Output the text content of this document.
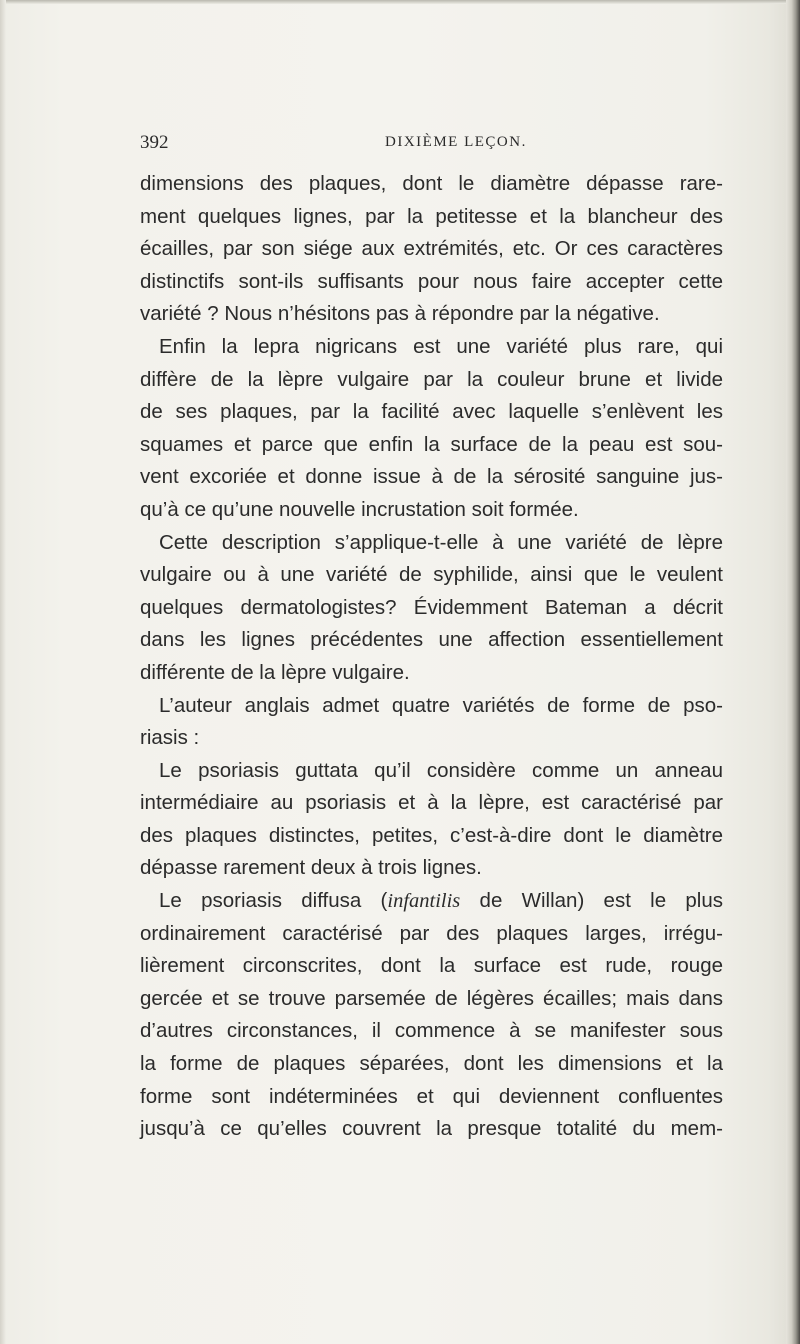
392	DIXIÈME LEÇON.
dimensions des plaques, dont le diamètre dépasse rare-
ment quelques lignes, par la petitesse et la blancheur des
écailles, par son siége aux extrémités, etc. Or ces caractères
distinctifs sont-ils suffisants pour nous faire accepter cette
variété ? Nous n’hésitons pas à répondre par la négative.
Enfin la lepra nigricans est une variété plus rare, qui
diffère de la lèpre vulgaire par la couleur brune et livide
de ses plaques, par la facilité avec laquelle s’enlèvent les
squames et parce que enfin la surface de la peau est sou-
vent excoriée et donne issue à de la sérosité sanguine jus-
qu’à ce qu’une nouvelle incrustation soit formée.
Cette description s’applique-t-elle à une variété de lèpre
vulgaire ou à une variété de syphilide, ainsi que le veulent
quelques dermatologistes? Évidemment Bateman a décrit
dans les lignes précédentes une affection essentiellement
différente de la lèpre vulgaire.
L’auteur anglais admet quatre variétés de forme de pso-
riasis :
Le psoriasis guttata qu’il considère comme un anneau
intermédiaire au psoriasis et à la lèpre, est caractérisé par
des plaques distinctes, petites, c’est-à-dire dont le diamètre
dépasse rarement deux à trois lignes.
Le psoriasis diffusa (infantilis de Willan) est le plus
ordinairement caractérisé par des plaques larges, irrégu-
lièrement circonscrites, dont la surface est rude, rouge
gercée et se trouve parsemée de légères écailles; mais dans
d’autres circonstances, il commence à se manifester sous
la forme de plaques séparées, dont les dimensions et la
forme sont indéterminées et qui deviennent confluentes
jusqu’à ce qu’elles couvrent la presque totalité du mem-
